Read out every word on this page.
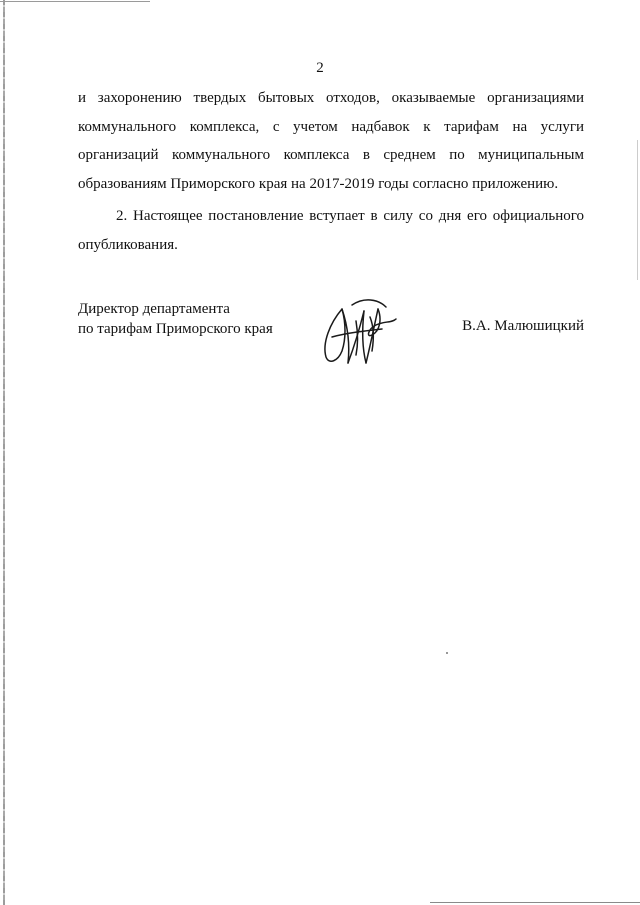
2

и захоронению твердых бытовых отходов, оказываемые организациями коммунального комплекса, с учетом надбавок к тарифам на услуги организаций коммунального комплекса в среднем по муниципальным образованиям Приморского края на 2017-2019 годы согласно приложению.

2. Настоящее постановление вступает в силу со дня его официального опубликования.

Директор департамента
по тарифам Приморского края	В.А. Малюшицкий
